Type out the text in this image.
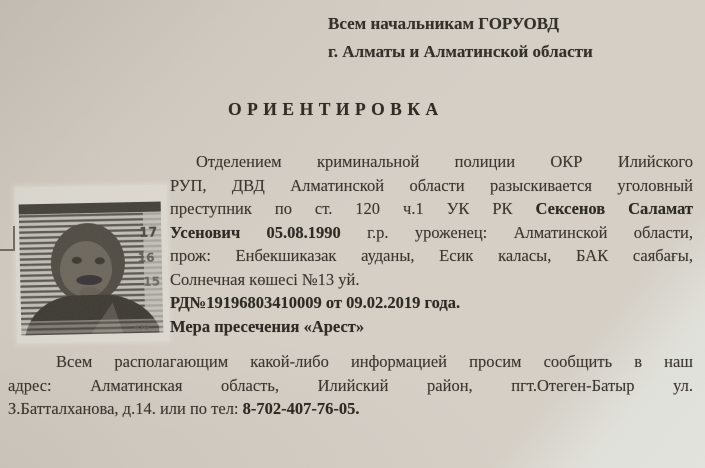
Всем начальникам ГОРУОВД
г. Алматы и Алматинской области
ОРИЕНТИРОВКА
17
16
15
470
Отделением криминальной полиции ОКР Илийского
РУП, ДВД Алматинской области разыскивается уголовный
преступник по ст. 120 ч.1 УК РК Сексенов Саламат
Усенович 05.08.1990 г.р. уроженец: Алматинской области,
прож: Енбекшиказак ауданы, Есик каласы, БАК саябағы,
Солнечная көшесі №13 уй.
РД№19196803410009 от 09.02.2019 года.
Мера пресечения «Арест»
Всем располагающим какой-либо информацией просим сообщить в наш
адрес: Алматинская область, Илийский район, пгт.Отеген-Батыр ул.
З.Батталханова, д.14. или по тел: 8-702-407-76-05.
